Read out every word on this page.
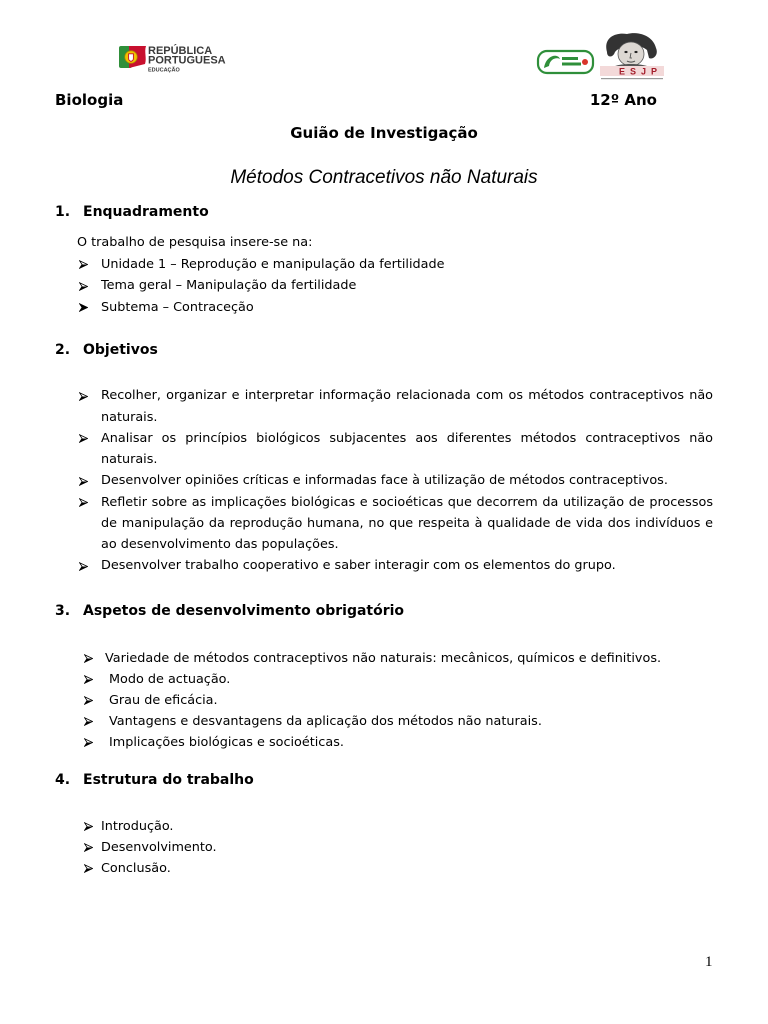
REPÚBLICA
PORTUGUESA
EDUCAÇÃO	ESJP
Biologia	12º Ano
Guião de Investigação
Métodos Contracetivos não Naturais
1. Enquadramento
O trabalho de pesquisa insere-se na:
Unidade 1 – Reprodução e manipulação da fertilidade
Tema geral – Manipulação da fertilidade
Subtema – Contraceção
2. Objetivos
Recolher, organizar e interpretar informação relacionada com os métodos contraceptivos não naturais.
Analisar os princípios biológicos subjacentes aos diferentes métodos contraceptivos não naturais.
Desenvolver opiniões críticas e informadas face à utilização de métodos contraceptivos.
Refletir sobre as implicações biológicas e socioéticas que decorrem da utilização de processos de manipulação da reprodução humana, no que respeita à qualidade de vida dos indivíduos e ao desenvolvimento das populações.
Desenvolver trabalho cooperativo e saber interagir com os elementos do grupo.
3. Aspetos de desenvolvimento obrigatório
Variedade de métodos contraceptivos não naturais: mecânicos, químicos e definitivos.
Modo de actuação.
Grau de eficácia.
Vantagens e desvantagens da aplicação dos métodos não naturais.
Implicações biológicas e socioéticas.
4. Estrutura do trabalho
Introdução.
Desenvolvimento.
Conclusão.
1
